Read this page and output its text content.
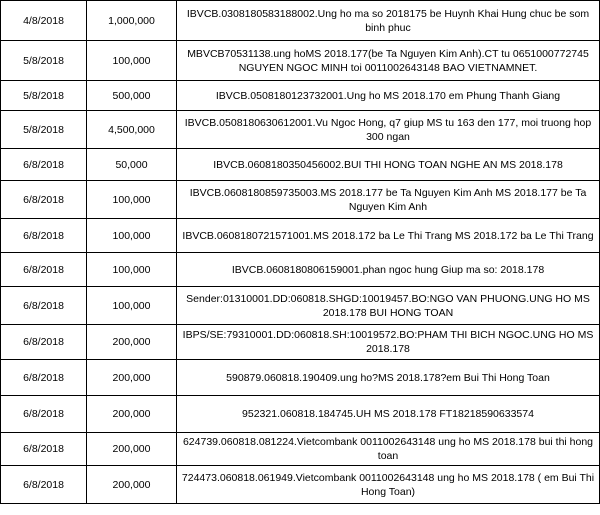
4/8/2018	1,000,000	IBVCB.0308180583188002.Ung ho ma so 2018175 be Huynh Khai Hung chuc be som binh phuc
5/8/2018	100,000	MBVCB70531138.ung hoMS 2018.177(be Ta Nguyen Kim Anh).CT tu 0651000772745 NGUYEN NGOC MINH toi 0011002643148 BAO VIETNAMNET.
5/8/2018	500,000	IBVCB.0508180123732001.Ung ho MS 2018.170 em Phung Thanh Giang
5/8/2018	4,500,000	IBVCB.0508180630612001.Vu Ngoc Hong, q7 giup MS tu 163 den 177, moi truong hop 300 ngan
6/8/2018	50,000	IBVCB.0608180350456002.BUI THI HONG TOAN NGHE AN MS 2018.178
6/8/2018	100,000	IBVCB.0608180859735003.MS 2018.177 be Ta Nguyen Kim Anh MS 2018.177 be Ta Nguyen Kim Anh
6/8/2018	100,000	IBVCB.0608180721571001.MS 2018.172 ba Le Thi Trang MS 2018.172 ba Le Thi Trang
6/8/2018	100,000	IBVCB.0608180806159001.phan ngoc hung Giup ma so: 2018.178
6/8/2018	100,000	Sender:01310001.DD:060818.SHGD:10019457.BO:NGO VAN PHUONG.UNG HO MS 2018.178 BUI HONG TOAN
6/8/2018	200,000	IBPS/SE:79310001.DD:060818.SH:10019572.BO:PHAM THI BICH NGOC.UNG HO MS 2018.178
6/8/2018	200,000	590879.060818.190409.ung ho?MS 2018.178?em Bui Thi Hong Toan
6/8/2018	200,000	952321.060818.184745.UH MS 2018.178 FT18218590633574
6/8/2018	200,000	624739.060818.081224.Vietcombank 0011002643148 ung ho MS 2018.178 bui thi hong toan
6/8/2018	200,000	724473.060818.061949.Vietcombank 0011002643148 ung ho MS 2018.178 ( em Bui Thi Hong Toan)
